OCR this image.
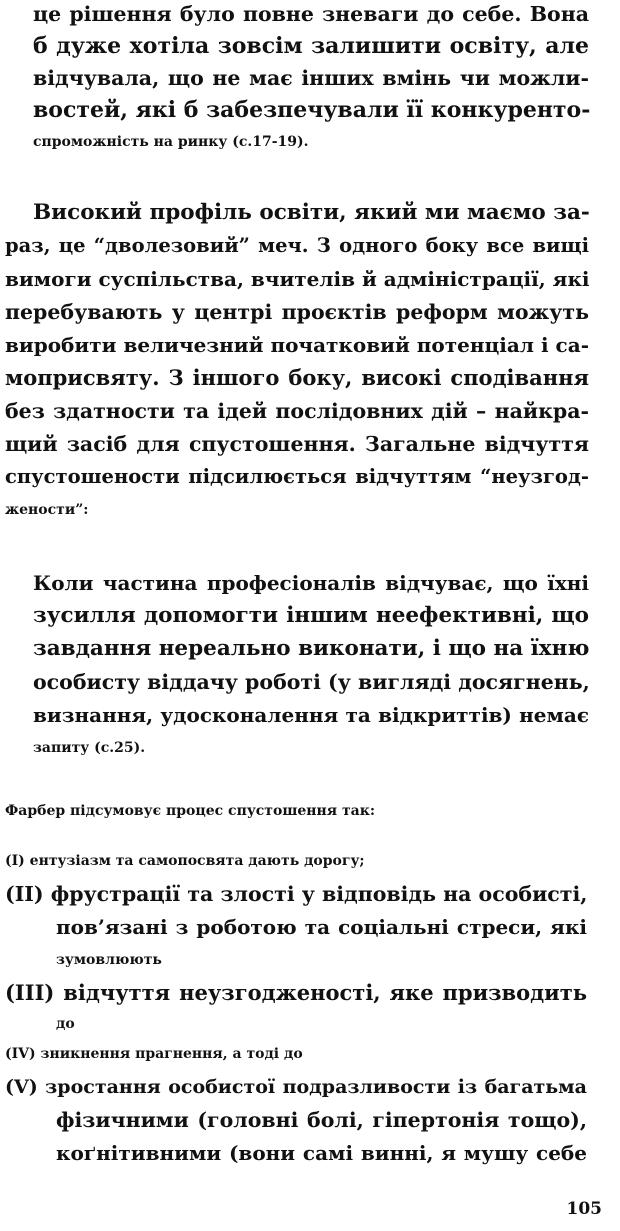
це рішення було повне зневаги до себе. Вона
б дуже хотіла зовсім залишити освіту, але
відчувала, що не має інших вмінь чи можли-
востей, які б забезпечували її конкуренто-
спроможність на ринку (с.17-19).
Високий профіль освіти, який ми маємо за-
раз, це “дволезовий” меч. З одного боку все вищі
вимоги суспільства, вчителів й адміністрації, які
перебувають у центрі проєктів реформ можуть
виробити величезний початковий потенціал і са-
мoприсвяту. З іншого боку, високі сподівання
без здатности та ідей послідовних дій – найкра-
щий засіб для спустошення. Загальне відчуття
спустошености підсилюється відчуттям “неузгод-
жености”:
Коли частина професіоналів відчуває, що їхні
зусилля допомогти іншим неефективні, що
завдання нереально виконати, і що на їхню
особисту віддачу роботі (у вигляді досягнень,
визнання, удосконалення та відкриттів) немає
запиту (с.25).
Фарбер підсумовує процес спустошення так:
(I) ентузіазм та самопосвята дають дорогу;
(II) фрустрації та злості у відповідь на особисті,
пов’язані з роботою та соціальні стреси, які
зумовлюють
(III) відчуття неузгодженості, яке призводить
до
(IV) зникнення прагнення, а тоді до
(V) зростання особистої подразливости із багатьма
фізичними (головні болі, гіпертонія тощо),
коґнітивними (вони самі винні, я мушу себе
105
